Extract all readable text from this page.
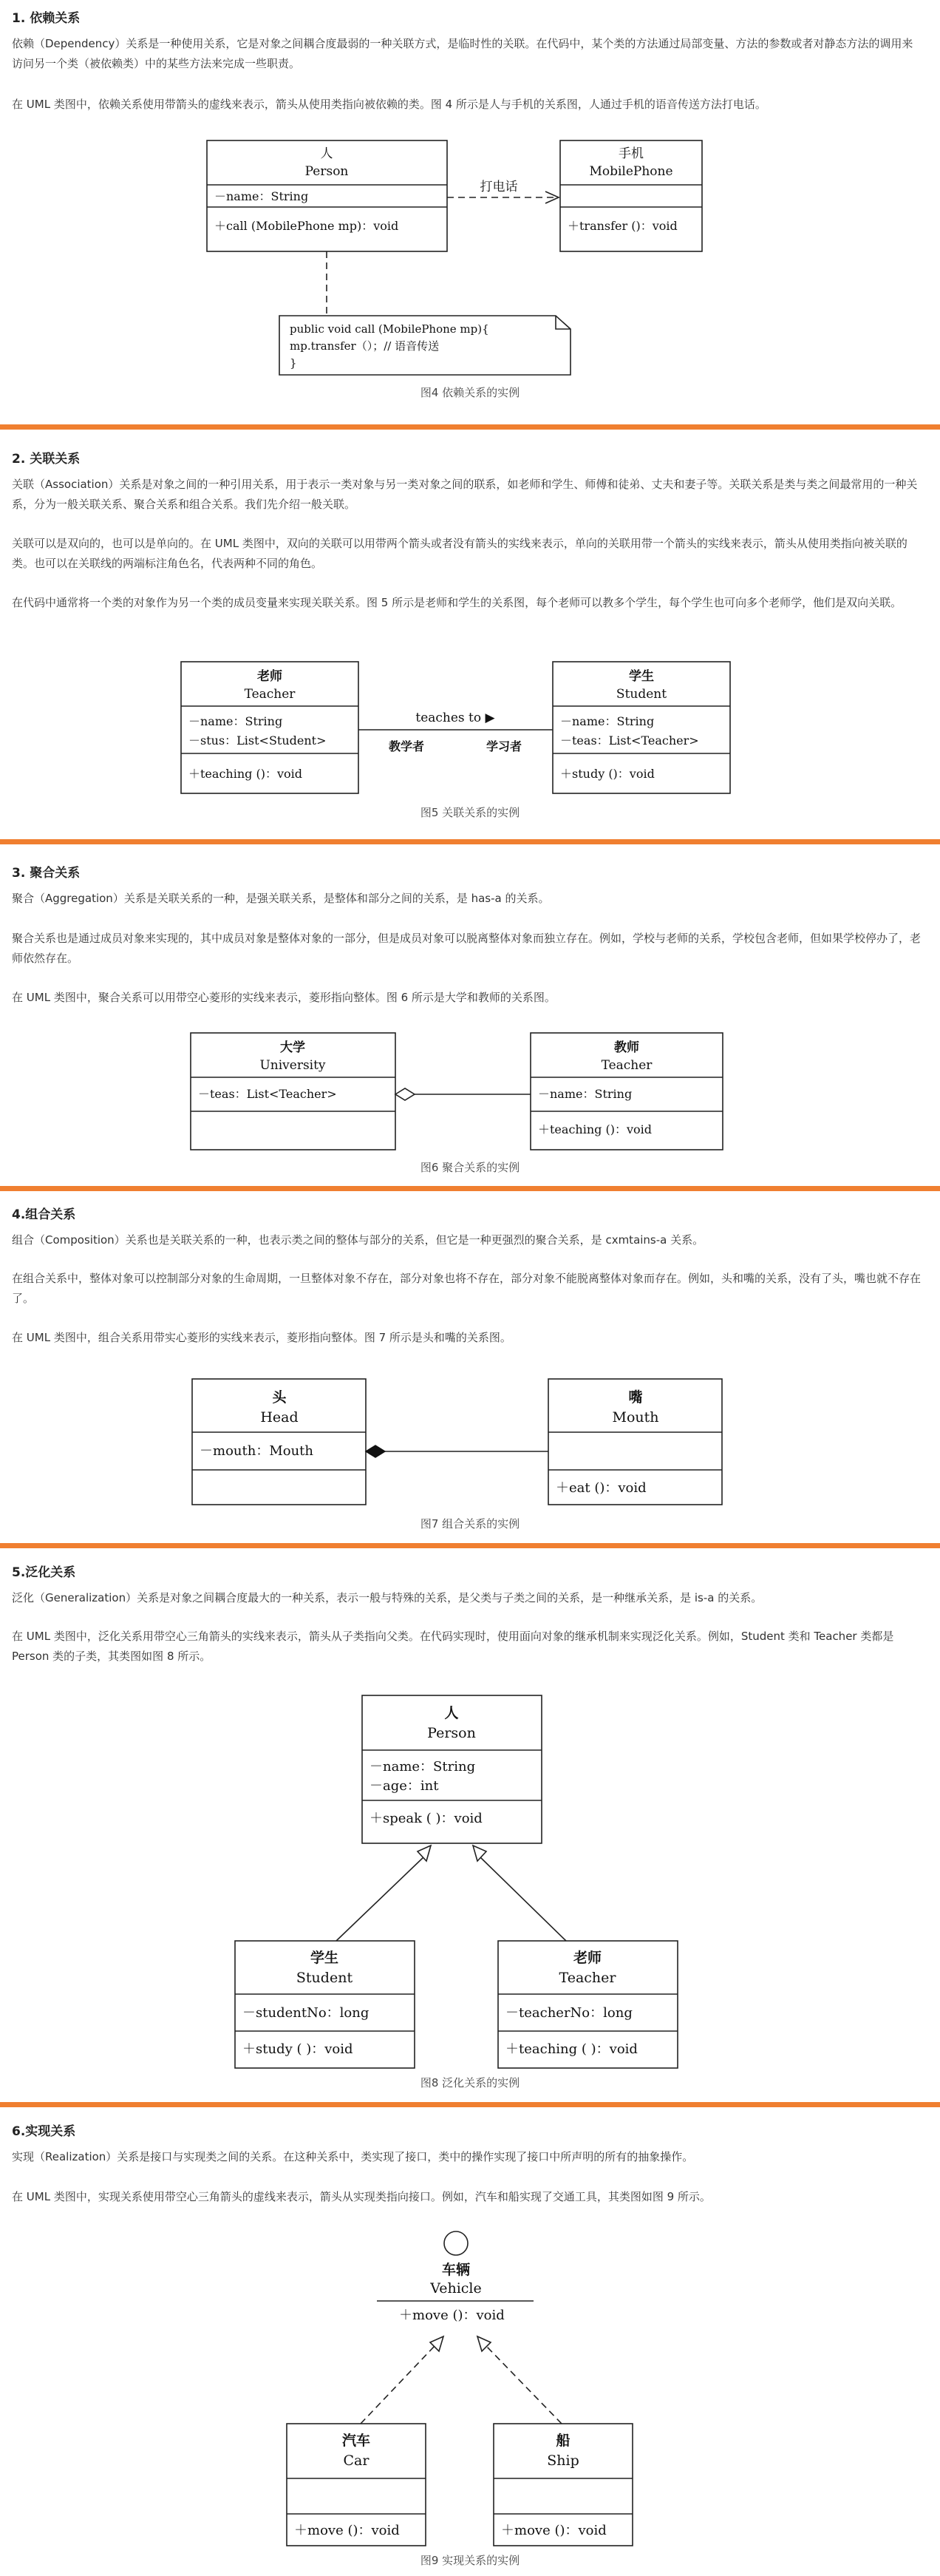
1. 依赖关系

依赖（Dependency）关系是一种使用关系，它是对象之间耦合度最弱的一种关联方式，是临时性的关联。在代码中，某个类的方法通过局部变量、方法的参数或者对静态方法的调用来访问另一个类（被依赖类）中的某些方法来完成一些职责。

在 UML 类图中，依赖关系使用带箭头的虚线来表示，箭头从使用类指向被依赖的类。图 4 所示是人与手机的关系图，人通过手机的语音传送方法打电话。

人
Person
－name：String
＋call (MobilePhone mp)：void
手机
MobilePhone
＋transfer ()：void
打电话
public void call (MobilePhone mp){
mp.transfer（）；// 语音传送
}
图4 依赖关系的实例
2. 关联关系

关联（Association）关系是对象之间的一种引用关系，用于表示一类对象与另一类对象之间的联系，如老师和学生、师傅和徒弟、丈夫和妻子等。关联关系是类与类之间最常用的一种关系，分为一般关联关系、聚合关系和组合关系。我们先介绍一般关联。

关联可以是双向的，也可以是单向的。在 UML 类图中，双向的关联可以用带两个箭头或者没有箭头的实线来表示，单向的关联用带一个箭头的实线来表示，箭头从使用类指向被关联的类。也可以在关联线的两端标注角色名，代表两种不同的角色。

在代码中通常将一个类的对象作为另一个类的成员变量来实现关联关系。图 5 所示是老师和学生的关系图，每个老师可以教多个学生，每个学生也可向多个老师学，他们是双向关联。

老师
Teacher
－name：String
－stus：List<Student>
＋teaching ()：void
学生
Student
－name：String
－teas：List<Teacher>
＋study ()：void
teaches to ▶
教学者	学习者
图5 关联关系的实例
3. 聚合关系

聚合（Aggregation）关系是关联关系的一种，是强关联关系，是整体和部分之间的关系，是 has-a 的关系。

聚合关系也是通过成员对象来实现的，其中成员对象是整体对象的一部分，但是成员对象可以脱离整体对象而独立存在。例如，学校与老师的关系，学校包含老师，但如果学校停办了，老师依然存在。

在 UML 类图中，聚合关系可以用带空心菱形的实线来表示，菱形指向整体。图 6 所示是大学和教师的关系图。

大学
University
－teas：List<Teacher>
教师
Teacher
－name：String
＋teaching ()：void
图6 聚合关系的实例
4.组合关系

组合（Composition）关系也是关联关系的一种，也表示类之间的整体与部分的关系，但它是一种更强烈的聚合关系，是 cxmtains-a 关系。

在组合关系中，整体对象可以控制部分对象的生命周期，一旦整体对象不存在，部分对象也将不存在，部分对象不能脱离整体对象而存在。例如，头和嘴的关系，没有了头，嘴也就不存在了。

在 UML 类图中，组合关系用带实心菱形的实线来表示，菱形指向整体。图 7 所示是头和嘴的关系图。

头
Head
－mouth：Mouth
嘴
Mouth
＋eat ()：void
图7 组合关系的实例
5.泛化关系

泛化（Generalization）关系是对象之间耦合度最大的一种关系，表示一般与特殊的关系，是父类与子类之间的关系，是一种继承关系，是 is-a 的关系。

在 UML 类图中，泛化关系用带空心三角箭头的实线来表示，箭头从子类指向父类。在代码实现时，使用面向对象的继承机制来实现泛化关系。例如，Student 类和 Teacher 类都是 Person 类的子类，其类图如图 8 所示。

人
Person
－name：String
－age：int
＋speak ( )：void
学生
Student
－studentNo：long
＋study ( )：void
老师
Teacher
－teacherNo：long
＋teaching ( )：void
图8 泛化关系的实例
6.实现关系

实现（Realization）关系是接口与实现类之间的关系。在这种关系中，类实现了接口，类中的操作实现了接口中所声明的所有的抽象操作。

在 UML 类图中，实现关系使用带空心三角箭头的虚线来表示，箭头从实现类指向接口。例如，汽车和船实现了交通工具，其类图如图 9 所示。

车辆
Vehicle
＋move ()：void
汽车
Car
＋move ()：void
船
Ship
＋move ()：void
图9 实现关系的实例
